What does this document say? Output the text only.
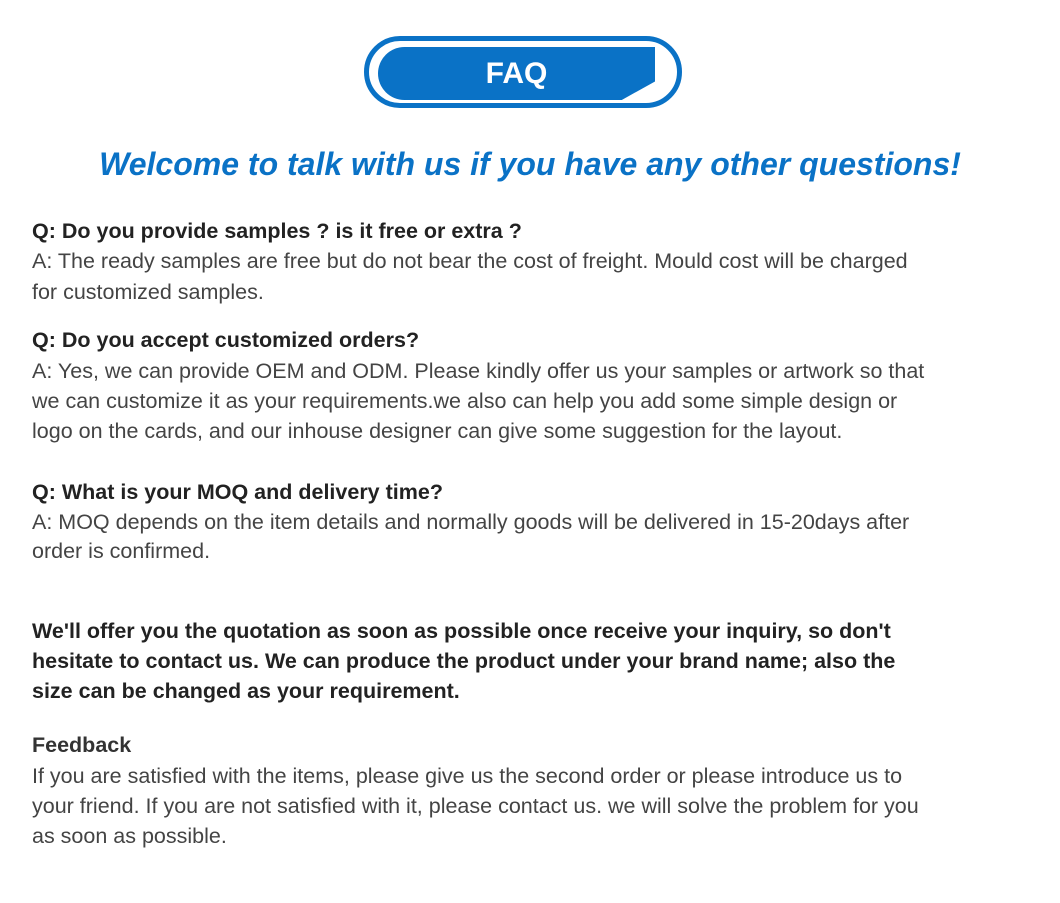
FAQ
Welcome to talk with us if you have any other questions!
Q: Do you provide samples ? is it free or extra ?
A: The ready samples are free but do not bear the cost of freight. Mould cost will be charged
for customized samples.
Q: Do you accept customized orders?
A: Yes, we can provide OEM and ODM. Please kindly offer us your samples or artwork so that
we can customize it as your requirements.we also can help you add some simple design or
logo on the cards, and our inhouse designer can give some suggestion for the layout.
Q: What is your MOQ and delivery time?
A: MOQ depends on the item details and normally goods will be delivered in 15-20days after
order is confirmed.
We'll offer you the quotation as soon as possible once receive your inquiry, so don't
hesitate to contact us. We can produce the product under your brand name; also the
size can be changed as your requirement.
Feedback
If you are satisfied with the items, please give us the second order or please introduce us to
your friend. If you are not satisfied with it, please contact us. we will solve the problem for you
as soon as possible.
